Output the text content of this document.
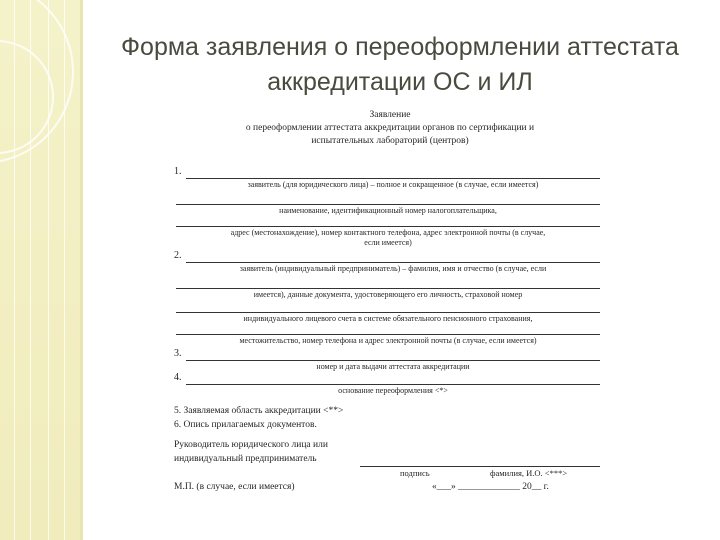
Форма заявления о переоформлении аттестата
аккредитации ОС и ИЛ
Заявление
о переоформлении аттестата аккредитации органов по сертификации и
испытательных лабораторий (центров)
1.
заявитель (для юридического лица) – полное и сокращенное (в случае, если имеется)
наименование, идентификационный номер налогоплательщика,
адрес (местонахождение), номер контактного телефона, адрес электронной почты (в случае,
если имеется)
2.
заявитель (индивидуальный предприниматель) – фамилия, имя и отчество (в случае, если
имеется), данные документа, удостоверяющего его личность, страховой номер
индивидуального лицевого счета в системе обязательного пенсионного страхования,
местожительство, номер телефона и адрес электронной почты (в случае, если имеется)
3.
номер и дата выдачи аттестата аккредитации
4.
основание переоформления <*>
5. Заявляемая область аккредитации <**>
6. Опись прилагаемых документов.
Руководитель юридического лица или
индивидуальный предприниматель
подпись	фамилия, И.О. <***>
М.П. (в случае, если имеется)	«___» _____________ 20__ г.
